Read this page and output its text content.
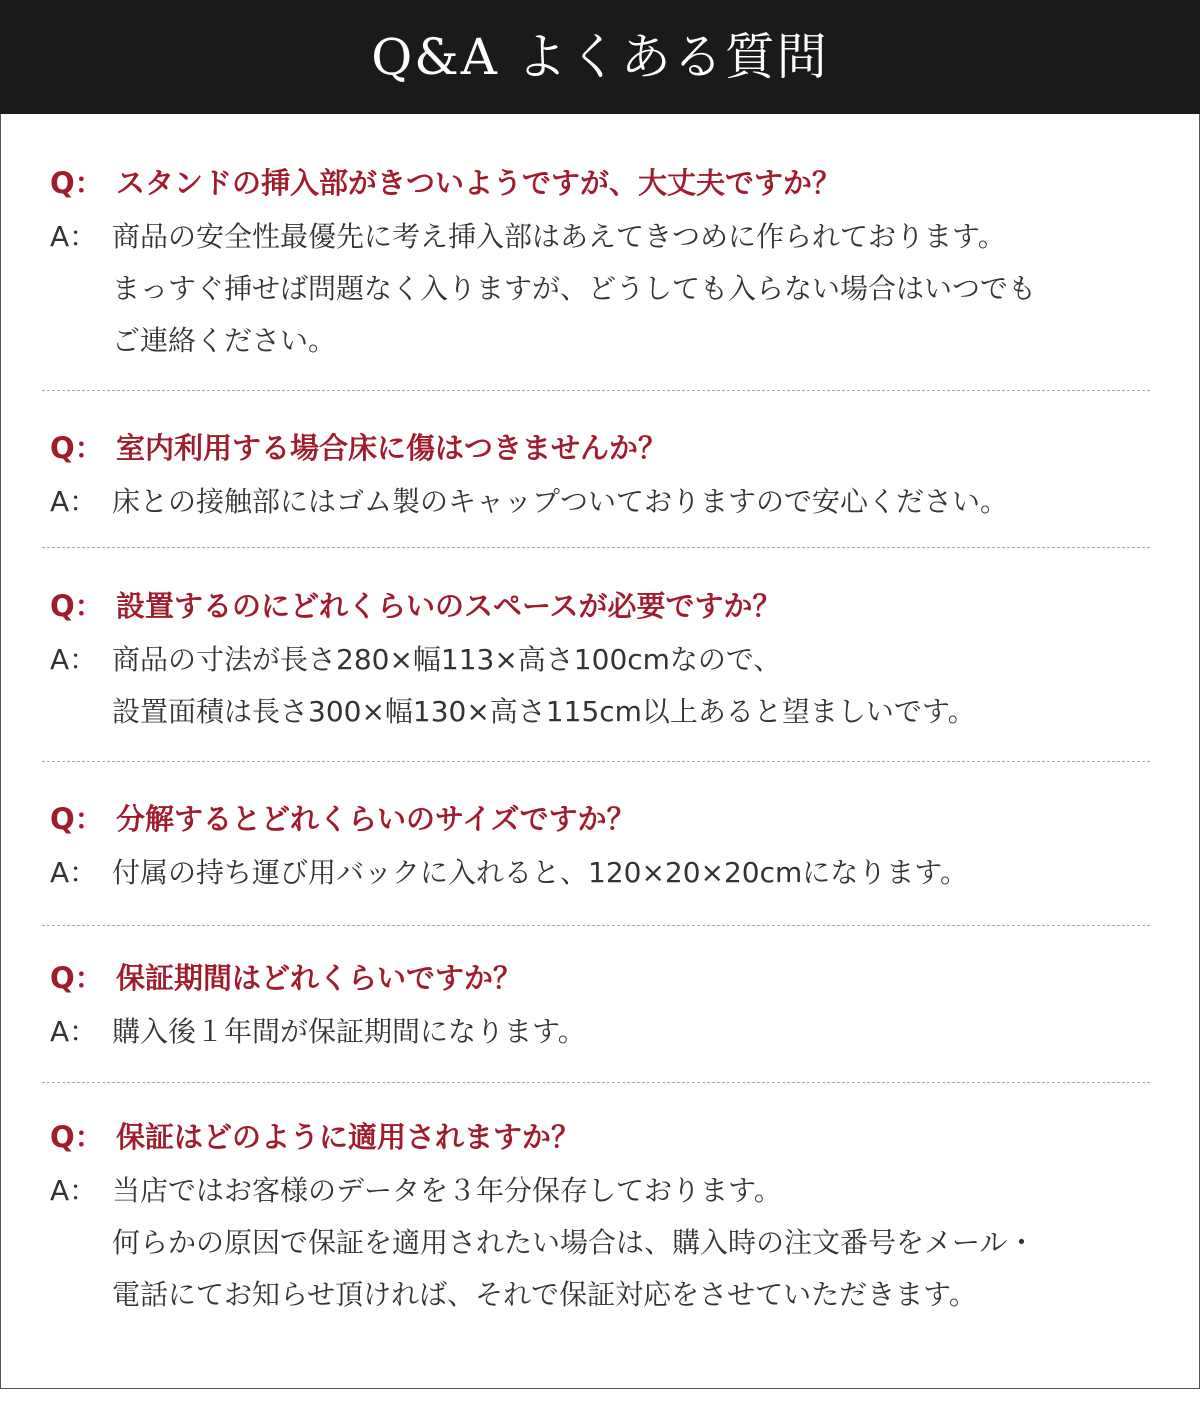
Q&A よくある質問
Q： スタンドの挿入部がきついようですが、大丈夫ですか？
A： 商品の安全性最優先に考え挿入部はあえてきつめに作られております。
まっすぐ挿せば問題なく入りますが、どうしても入らない場合はいつでも
ご連絡ください。
Q： 室内利用する場合床に傷はつきませんか？
A： 床との接触部にはゴム製のキャップついておりますので安心ください。
Q： 設置するのにどれくらいのスペースが必要ですか？
A： 商品の寸法が長さ280×幅113×高さ100cmなので、
設置面積は長さ300×幅130×高さ115cm以上あると望ましいです。
Q： 分解するとどれくらいのサイズですか？
A： 付属の持ち運び用バックに入れると、120×20×20cmになります。
Q： 保証期間はどれくらいですか？
A： 購入後１年間が保証期間になります。
Q： 保証はどのように適用されますか？
A： 当店ではお客様のデータを３年分保存しております。
何らかの原因で保証を適用されたい場合は、購入時の注文番号をメール・
電話にてお知らせ頂ければ、それで保証対応をさせていただきます。
